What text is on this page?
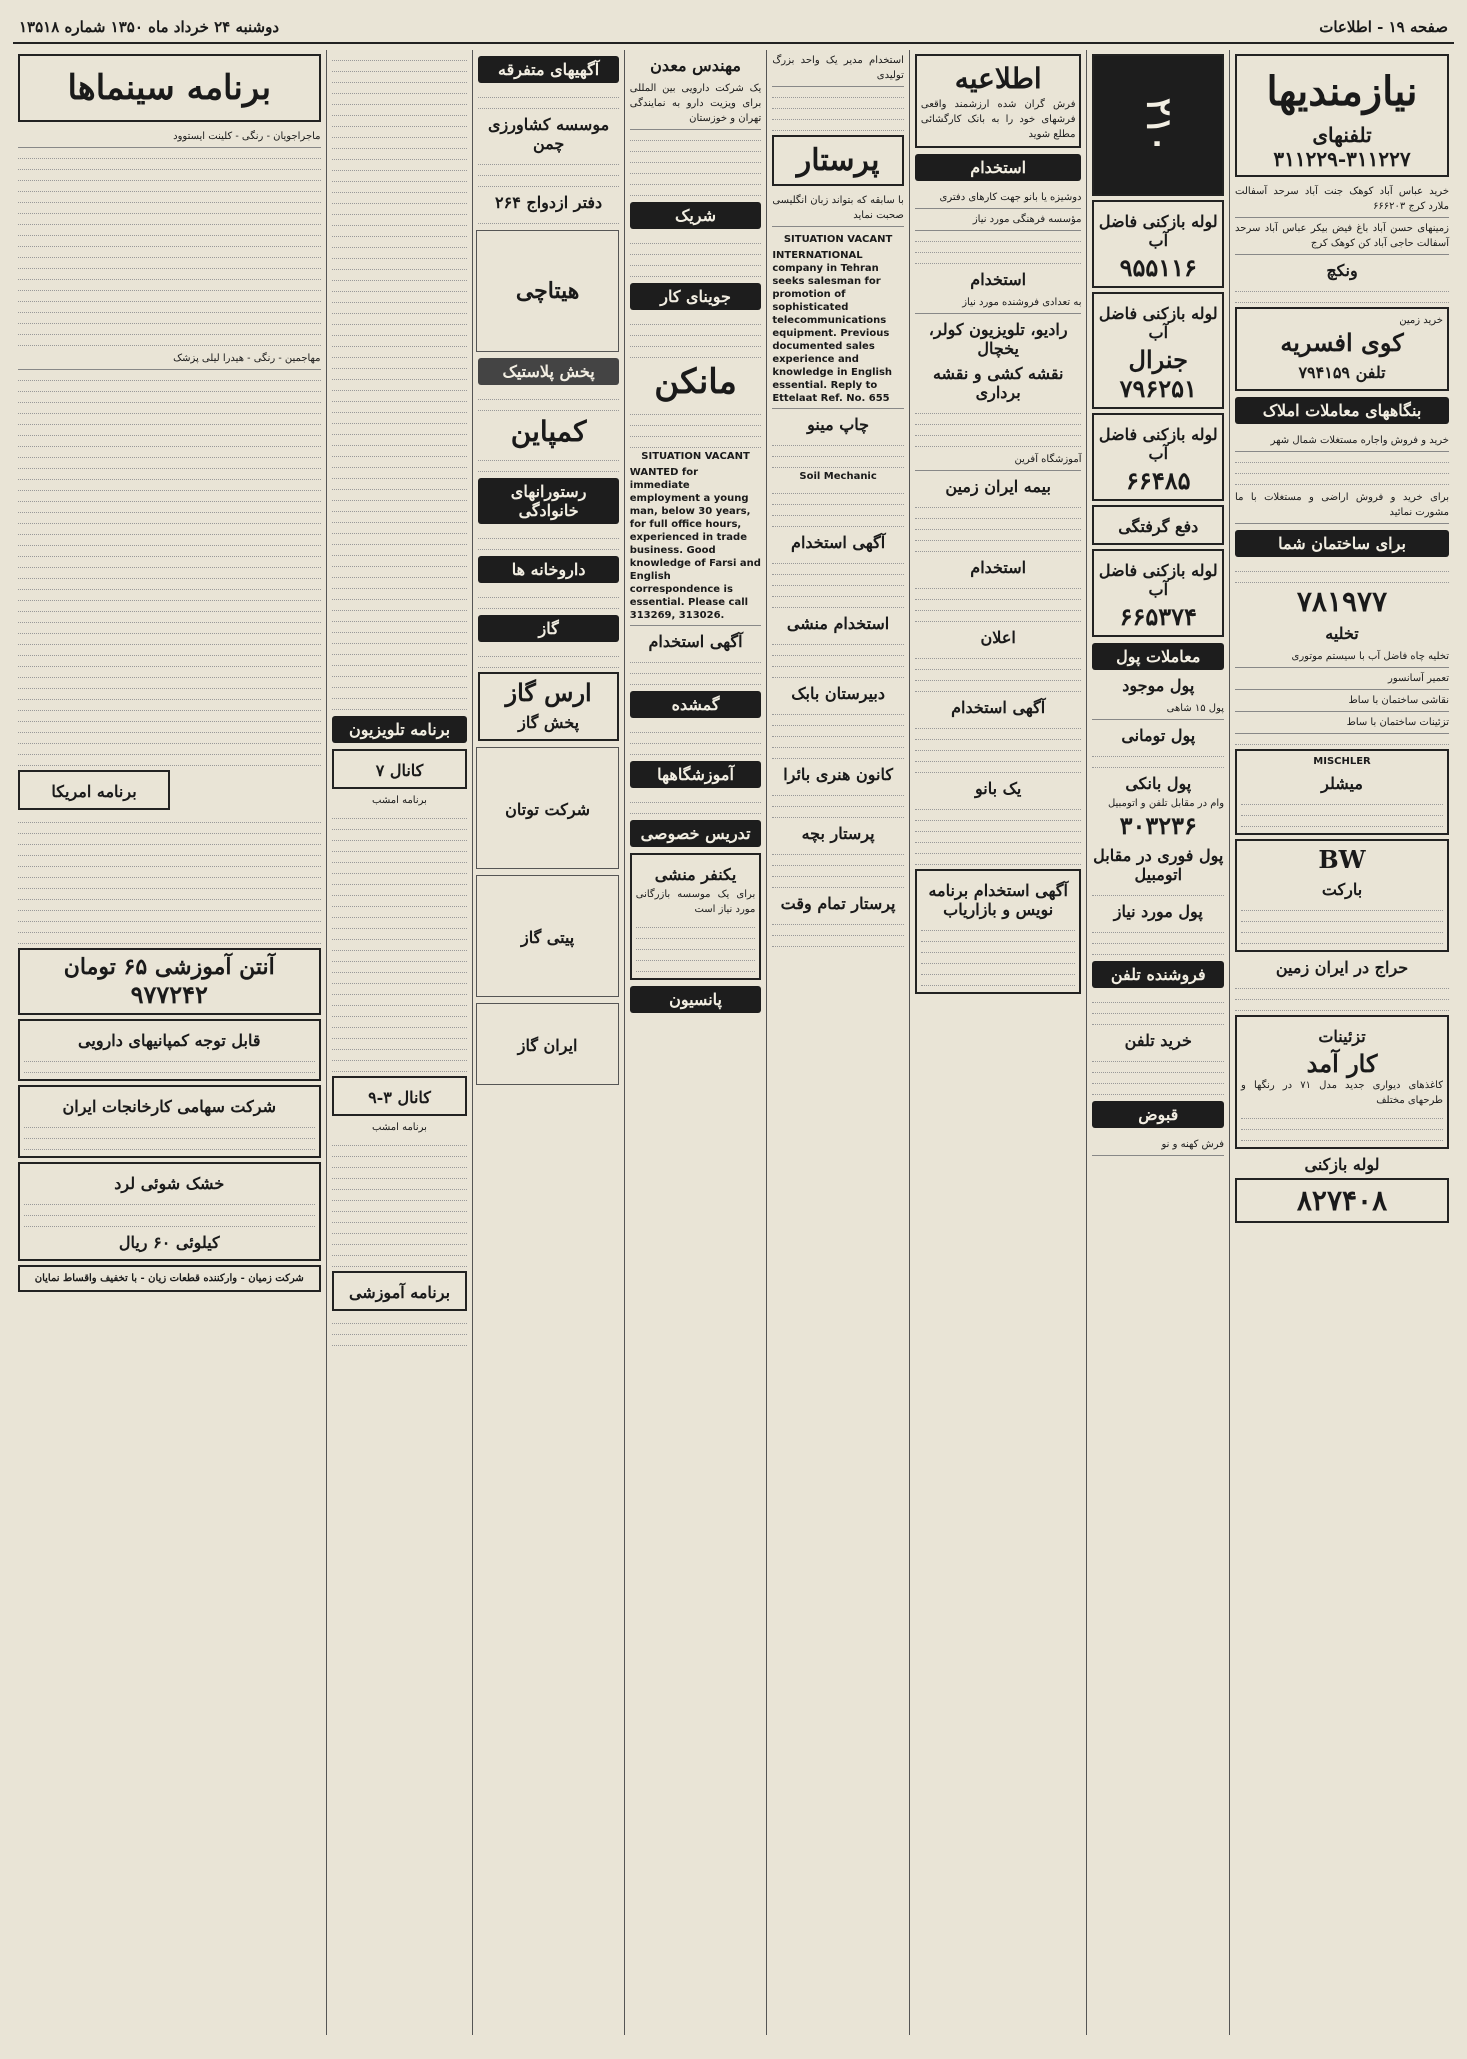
صفحه ۱۹ - اطلاعات
دوشنبه ۲۴ خرداد ماه ۱۳۵۰ شماره ۱۳۵۱۸
نیازمندیها
تلفنهای ۳۱۱۲۲۷-۳۱۱۲۲۹
خرید عباس آباد کوهک جنت آباد سرحد آسفالت ملارد کرج ۶۶۶۲۰۳
زمینهای حسن آباد باغ فیض بیکر عباس آباد سرحد آسفالت حاجی آباد کن کوهک کرج
ونکچ
خرید زمین
کوی افسریه
تلفن ۷۹۴۱۵۹
بنگاههای معاملات املاک
خرید و فروش واجاره مستغلات شمال شهر
برای خرید و فروش اراضی و مستغلات با ما مشورت نمائید
برای ساختمان شما
۷۸۱۹۷۷
تخلیه
تخلیه چاه فاضل آب با سیستم موتوری
تعمیر آسانسور
نقاشی ساختمان با ساط
تزئینات ساختمان با ساط
MISCHLER
میشلر
BW
بارکت
حراج در ایران زمین
تزئینات
کار آمد
کاغذهای دیواری جدید مدل ۷۱ در رنگها و طرحهای مختلف
لوله بازکنی
۸۲۷۴۰۸
۲۱۰
لوله بازکنی فاضل آب
۹۵۵۱۱۶
لوله بازکنی فاضل آب
جنرال
۷۹۶۲۵۱
لوله بازکنی فاضل آب
۶۶۴۸۵
دفع گرفتگی
لوله بازکنی فاضل آب
۶۶۵۳۷۴
معاملات پول
پول موجود
پول ۱۵ شاهی
پول تومانی
پول بانکی
وام در مقابل تلفن و اتومبیل
۳۰۳۲۳۶
پول فوری در مقابل اتومبیل
پول مورد نیاز
فروشنده تلفن
خرید تلفن
قبوض
فرش کهنه و نو
اطلاعیه
فرش گران شده ارزشمند واقعی فرشهای خود را به بانک کارگشائی مطلع شوید
استخدام
دوشیزه یا بانو جهت کارهای دفتری
مؤسسه فرهنگی مورد نیاز
استخدام
به تعدادی فروشنده مورد نیاز
رادیو، تلویزیون کولر، یخچال
نقشه کشی و نقشه برداری
آموزشگاه آفرین
بیمه ایران زمین
استخدام
اعلان
آگهی استخدام
یک بانو
آگهی استخدام برنامه نویس و بازاریاب
استخدام مدیر یک واحد بزرگ تولیدی
پرستار
با سابقه که بتواند زبان انگلیسی صحبت نماید
SITUATION VACANT
INTERNATIONAL company in Tehran seeks salesman for promotion of sophisticated telecommunications equipment. Previous documented sales experience and knowledge in English essential. Reply to Ettelaat Ref. No. 655
چاپ مینو
Soil Mechanic
آگهی استخدام
استخدام منشی
دبیرستان بابک
کانون هنری بائرا
پرستار بچه
پرستار تمام وقت
مهندس معدن
یک شرکت دارویی بین المللی برای ویزیت دارو به نمایندگی تهران و خوزستان
شریک
جوینای کار
مانکن
SITUATION VACANT
WANTED for immediate employment a young man, below 30 years, for full office hours, experienced in trade business. Good knowledge of Farsi and English correspondence is essential. Please call 313269, 313026.
آگهی استخدام
گمشده
آموزشگاهها
تدریس خصوصی
یکنفر منشی
برای یک موسسه بازرگانی مورد نیاز است
پانسیون
آگهیهای متفرقه
موسسه کشاورزی چمن
دفتر ازدواج ۲۶۴
هیتاچی
پخش پلاستیک
کمپاین
رستورانهای خانوادگی
داروخانه ها
گاز
ارس گاز
پخش گاز
شرکت توتان
پیتی گاز
ایران گاز
برنامه تلویزیون
کانال ۷
برنامه امشب
کانال ۳-۹
برنامه امشب
برنامه آموزشی
برنامه سینماها
ماجراجویان - رنگی - کلینت ایستوود
مهاجمین - رنگی - هیدرا لیلی پزشک
برنامه امریکا
آنتن آموزشی ۶۵ تومان
۹۷۷۲۴۲
قابل توجه کمپانیهای دارویی
شرکت سهامی کارخانجات ایران
خشک شوئی لرد
کیلوئی ۶۰ ریال
شرکت زمیان - وارکننده قطعات زیان - با تخفیف واقساط نمایان
